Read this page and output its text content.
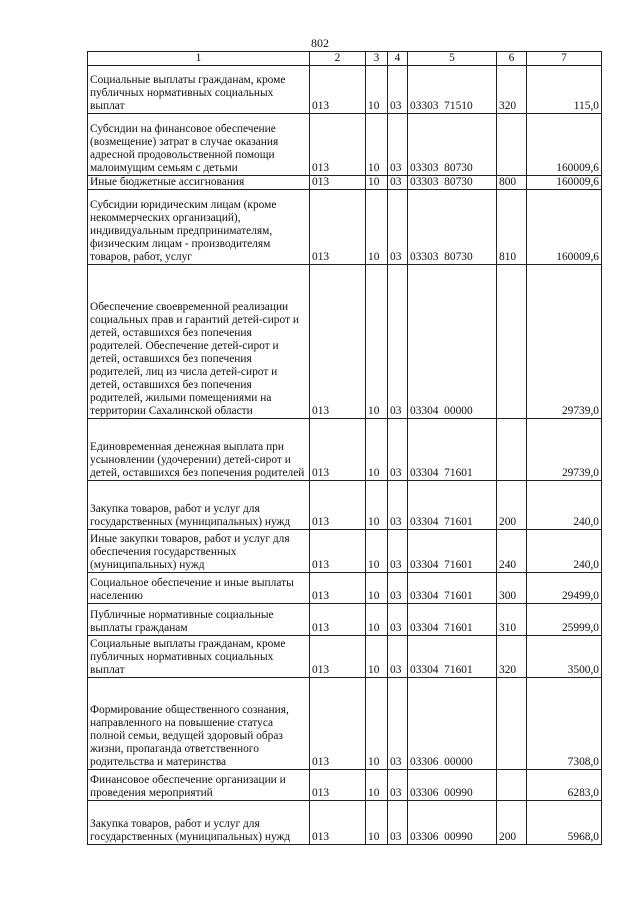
802
1	2	3	4	5	6	7
Социальные выплаты гражданам, кроме публичных нормативных социальных выплат	013	10	03	03303  71510	320	115,0
Субсидии на финансовое обеспечение (возмещение) затрат в случае оказания адресной продовольственной помощи малоимущим семьям с детьми	013	10	03	03303  80730		160009,6
Иные бюджетные ассигнования	013	10	03	03303  80730	800	160009,6
Субсидии юридическим лицам (кроме некоммерческих организаций), индивидуальным предпринимателям, физическим лицам - производителям товаров, работ, услуг	013	10	03	03303  80730	810	160009,6
Обеспечение своевременной реализации социальных прав и гарантий детей-сирот и детей, оставшихся без попечения родителей. Обеспечение детей-сирот и детей, оставшихся без попечения родителей, лиц из числа детей-сирот и детей, оставшихся без попечения родителей, жилыми помещениями на территории Сахалинской области	013	10	03	03304  00000		29739,0
Единовременная денежная выплата при усыновлении (удочерении) детей-сирот и детей, оставшихся без попечения родителей	013	10	03	03304  71601		29739,0
Закупка товаров, работ и услуг для государственных (муниципальных) нужд	013	10	03	03304  71601	200	240,0
Иные закупки товаров, работ и услуг для обеспечения государственных (муниципальных) нужд	013	10	03	03304  71601	240	240,0
Социальное обеспечение и иные выплаты населению	013	10	03	03304  71601	300	29499,0
Публичные нормативные социальные выплаты гражданам	013	10	03	03304  71601	310	25999,0
Социальные выплаты гражданам, кроме публичных нормативных социальных выплат	013	10	03	03304  71601	320	3500,0
Формирование общественного сознания, направленного на повышение статуса полной семьи, ведущей здоровый образ жизни, пропаганда ответственного родительства и материнства	013	10	03	03306  00000		7308,0
Финансовое обеспечение организации и проведения мероприятий	013	10	03	03306  00990		6283,0
Закупка товаров, работ и услуг для государственных (муниципальных) нужд	013	10	03	03306  00990	200	5968,0
